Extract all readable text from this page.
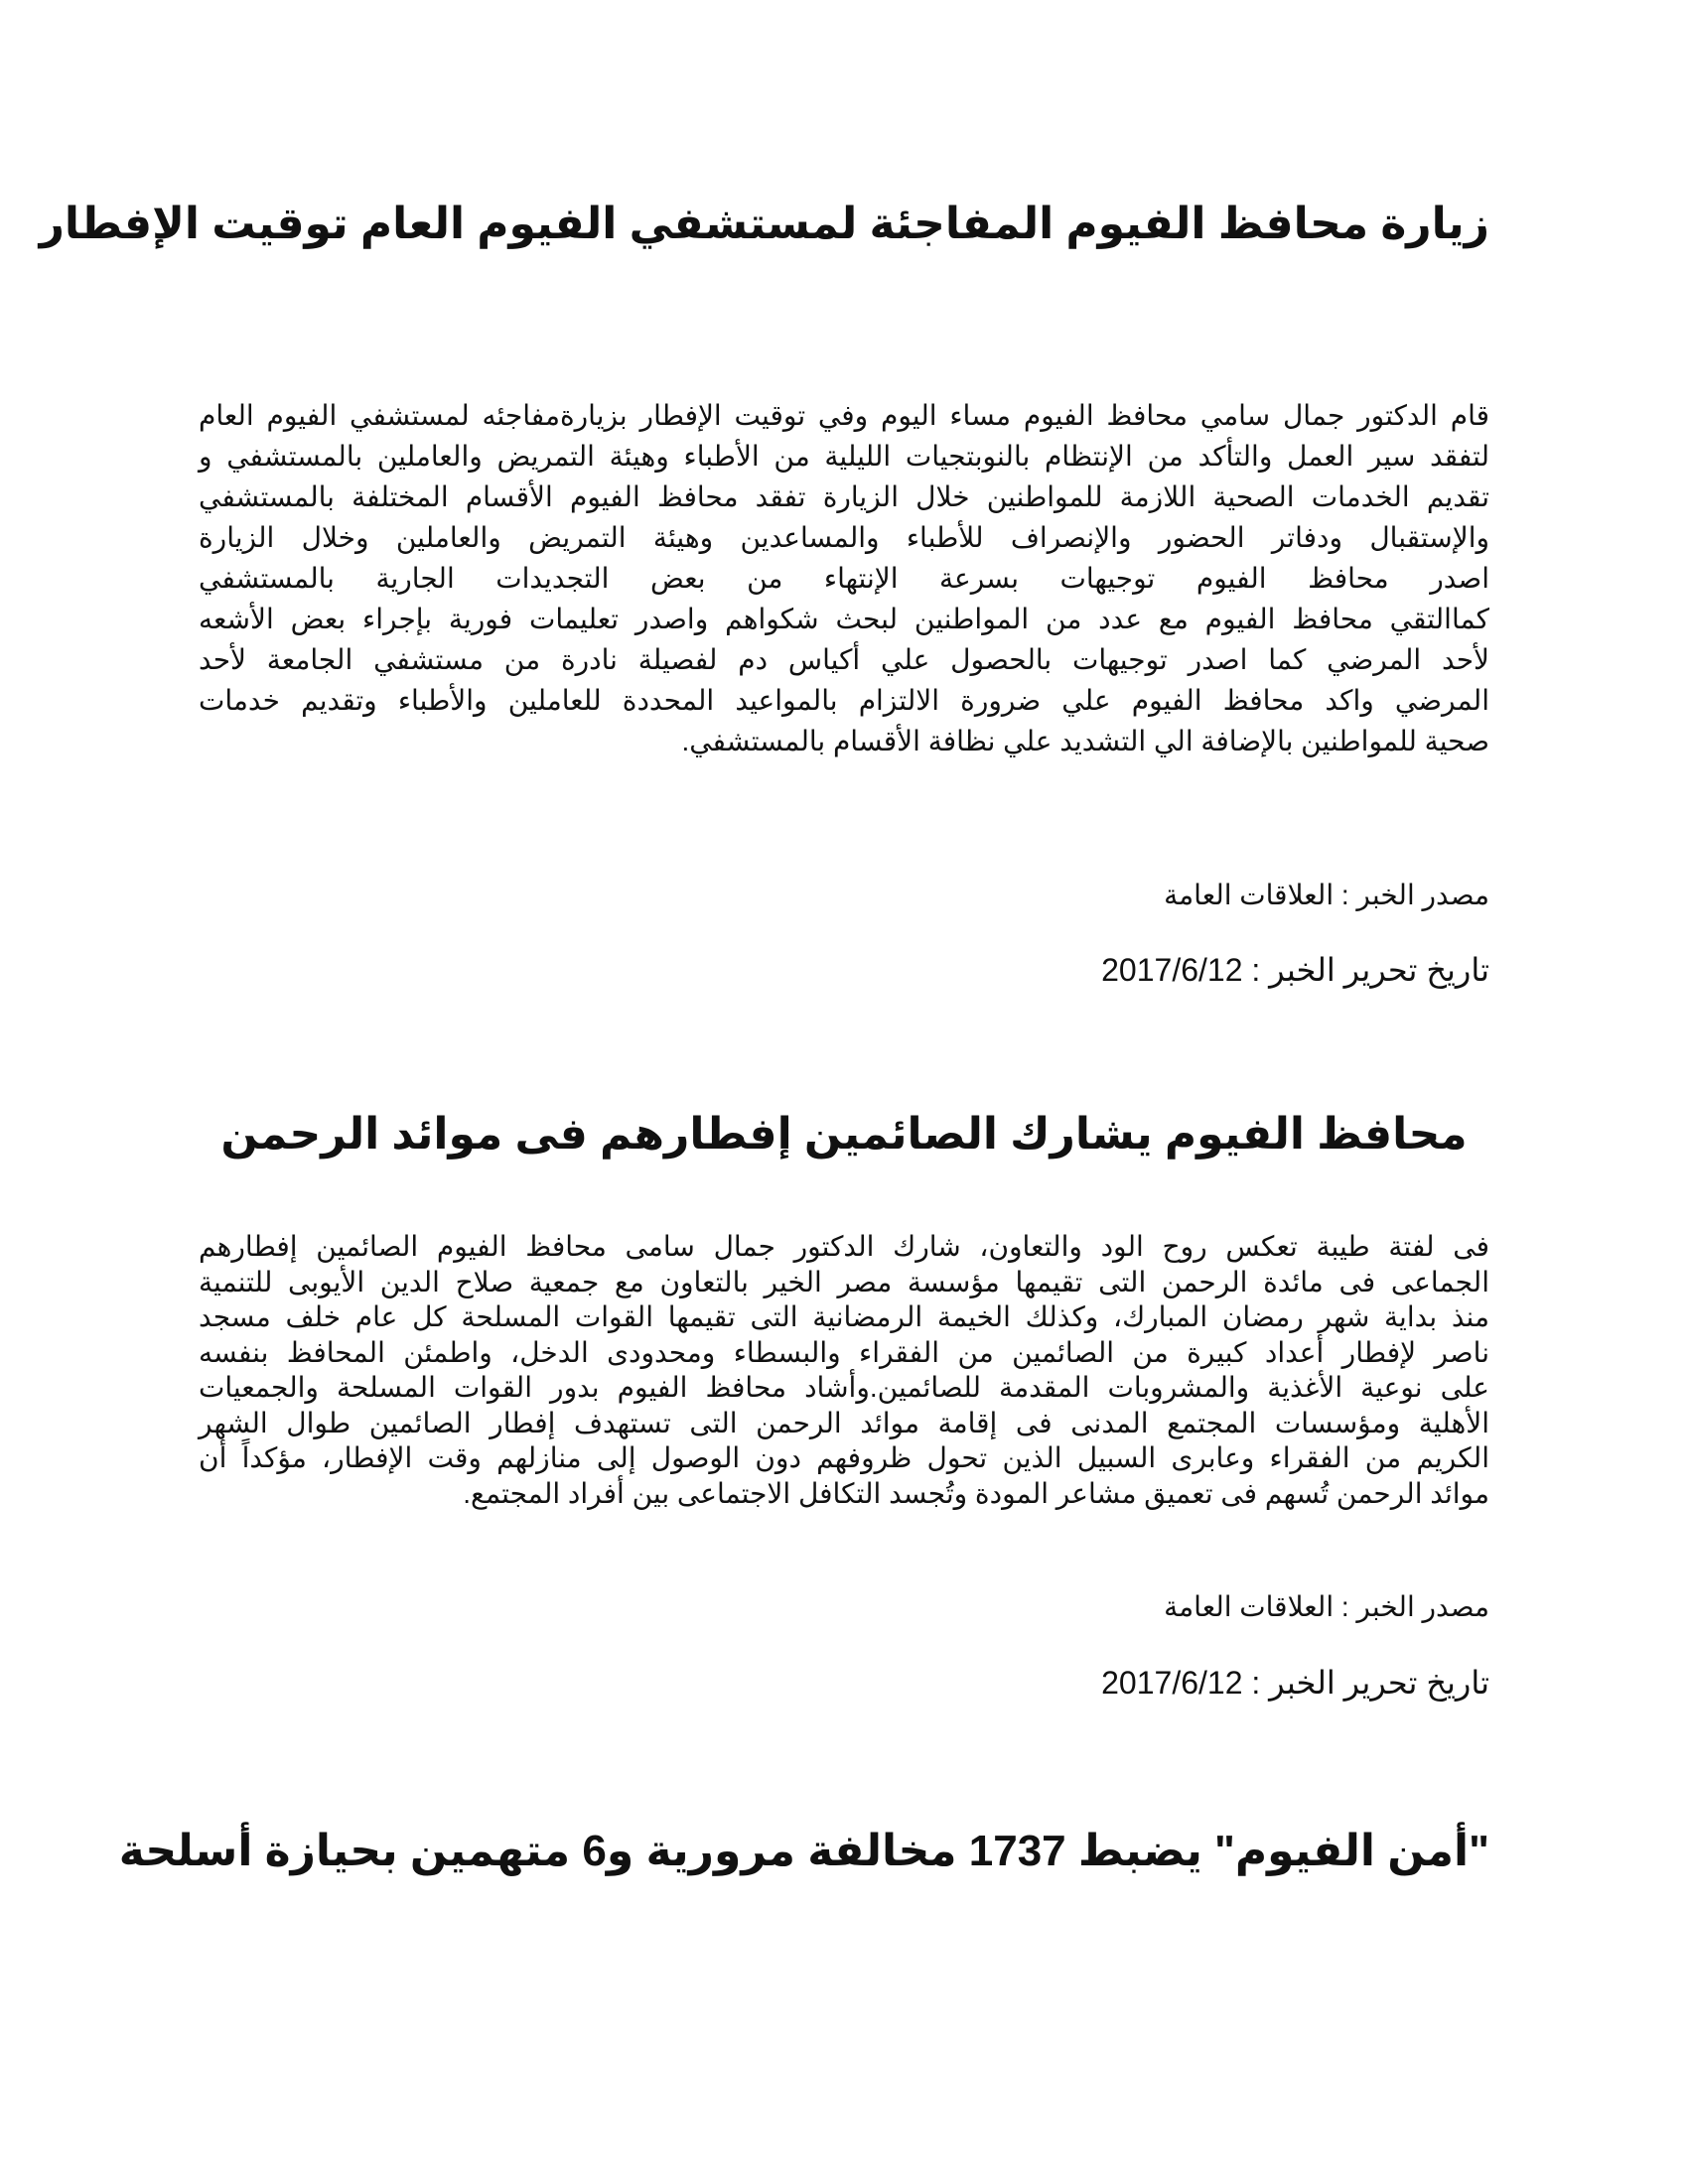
زيارة محافظ الفيوم المفاجئة لمستشفي الفيوم العام توقيت الإفطار
قام الدكتور جمال سامي محافظ الفيوم مساء اليوم وفي توقيت الإفطار بزيارةمفاجئه لمستشفي الفيوم العام
لتفقد سير العمل والتأكد من الإنتظام بالنوبتجيات الليلية من الأطباء وهيئة التمريض والعاملين بالمستشفي و
تقديم الخدمات الصحية اللازمة للمواطنين خلال الزيارة تفقد محافظ الفيوم الأقسام المختلفة بالمستشفي
والإستقبال ودفاتر الحضور والإنصراف للأطباء والمساعدين وهيئة التمريض والعاملين وخلال الزيارة
اصدر محافظ الفيوم توجيهات بسرعة الإنتهاء من بعض التجديدات الجارية بالمستشفي
كماالتقي محافظ الفيوم مع عدد من المواطنين لبحث شكواهم واصدر تعليمات فورية بإجراء بعض الأشعه
لأحد المرضي كما اصدر توجيهات بالحصول علي أكياس دم لفصيلة نادرة من مستشفي الجامعة لأحد
المرضي واكد محافظ الفيوم علي ضرورة الالتزام بالمواعيد المحددة للعاملين والأطباء وتقديم خدمات
صحية للمواطنين بالإضافة الي التشديد علي نظافة الأقسام بالمستشفي.
مصدر الخبر : العلاقات العامة
تاريخ تحرير الخبر : 2017/6/12
محافظ الفيوم يشارك الصائمين إفطارهم فى موائد الرحمن
فى لفتة طيبة تعكس روح الود والتعاون، شارك الدكتور جمال سامى محافظ الفيوم الصائمين إفطارهم
الجماعى فى مائدة الرحمن التى تقيمها مؤسسة مصر الخير بالتعاون مع جمعية صلاح الدين الأيوبى للتنمية
منذ بداية شهر رمضان المبارك، وكذلك الخيمة الرمضانية التى تقيمها القوات المسلحة كل عام خلف مسجد
ناصر لإفطار أعداد كبيرة من الصائمين من الفقراء والبسطاء ومحدودى الدخل، واطمئن المحافظ بنفسه
على نوعية الأغذية والمشروبات المقدمة للصائمين.وأشاد محافظ الفيوم بدور القوات المسلحة والجمعيات
الأهلية ومؤسسات المجتمع المدنى فى إقامة موائد الرحمن التى تستهدف إفطار الصائمين طوال الشهر
الكريم من الفقراء وعابرى السبيل الذين تحول ظروفهم دون الوصول إلى منازلهم وقت الإفطار، مؤكداً أن
موائد الرحمن تُسهم فى تعميق مشاعر المودة وتُجسد التكافل الاجتماعى بين أفراد المجتمع.
مصدر الخبر : العلاقات العامة
تاريخ تحرير الخبر : 2017/6/12
"أمن الفيوم" يضبط 1737 مخالفة مرورية و6 متهمين بحيازة أسلحة
